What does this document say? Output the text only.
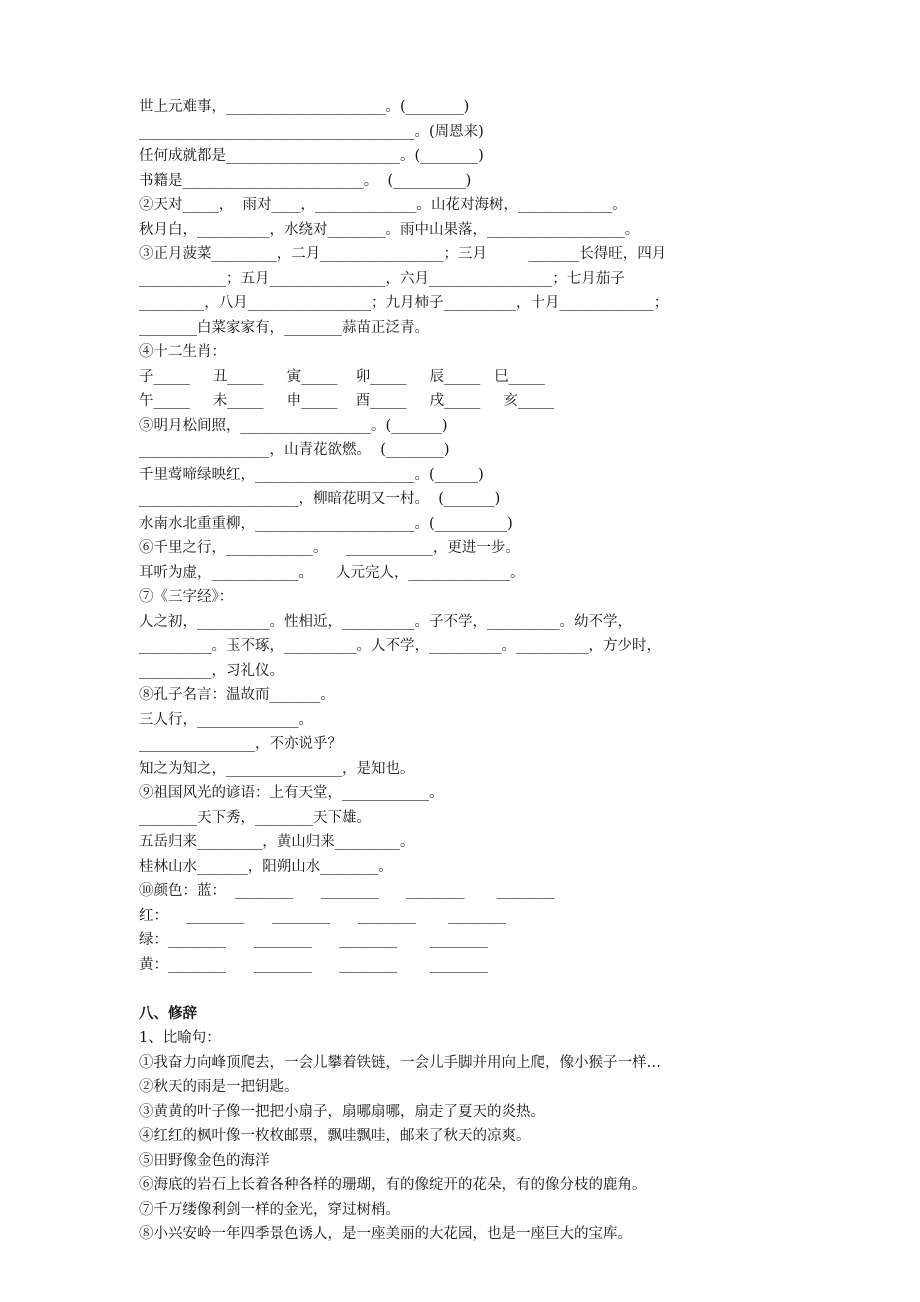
世上元难事，______________________。(________)
______________________________________。(周恩来)
任何成就都是________________________。(________)
书籍是_________________________。  (__________)
②天对_____，  雨对____，______________。山花对海树，_____________。
秋月白，__________，水绕对________。雨中山果落，___________________。
③正月菠菜_________，二月_________________；三月         _______长得旺，四月
____________；五月________________，六月_________________；七月茄子
_________，八月_________________；九月柿子__________，十月_____________；
________白菜家家有，________蒜苗正泛青。
④十二生肖：
子_____     丑_____     寅_____    卯_____     辰_____   巳_____
午_____     未_____     申_____    酉_____     戌_____     亥_____
⑤明月松间照，__________________。(_______)
__________________，山青花欲燃。  (________)
千里莺啼绿映红，______________________。(______)
______________________，柳暗花明又一村。  (_______)
水南水北重重柳，______________________。(__________)
⑥千里之行，____________。    ____________，更进一步。
耳听为虚，____________。     人元完人，______________。
⑦《三字经》：
人之初，__________。性相近，__________。子不学，__________。幼不学，
__________。玉不琢，__________。人不学，__________。__________，方少时，
__________，习礼仪。
⑧孔子名言：温故而_______。
三人行，______________。
________________，不亦说乎？
知之为知之，________________，是知也。
⑨祖国风光的谚语：上有天堂，____________。
________天下秀，________天下雄。
五岳归来_________，黄山归来_________。
桂林山水_______，阳朔山水________。
⑩颜色：蓝：  ________      ________      ________       ________
红：    ________      ________      ________       ________
绿：________      ________      ________       ________
黄：________      ________      ________       ________
八、修辞
1、比喻句：
①我奋力向峰顶爬去，一会儿攀着铁链，一会儿手脚并用向上爬，像小猴子一样…
②秋天的雨是一把钥匙。
③黄黄的叶子像一把把小扇子，扇哪扇哪，扇走了夏天的炎热。
④红红的枫叶像一枚枚邮票，飘哇飘哇，邮来了秋天的凉爽。
⑤田野像金色的海洋
⑥海底的岩石上长着各种各样的珊瑚，有的像绽开的花朵，有的像分枝的鹿角。
⑦千万缕像利剑一样的金光，穿过树梢。
⑧小兴安岭一年四季景色诱人，是一座美丽的大花园，也是一座巨大的宝库。
